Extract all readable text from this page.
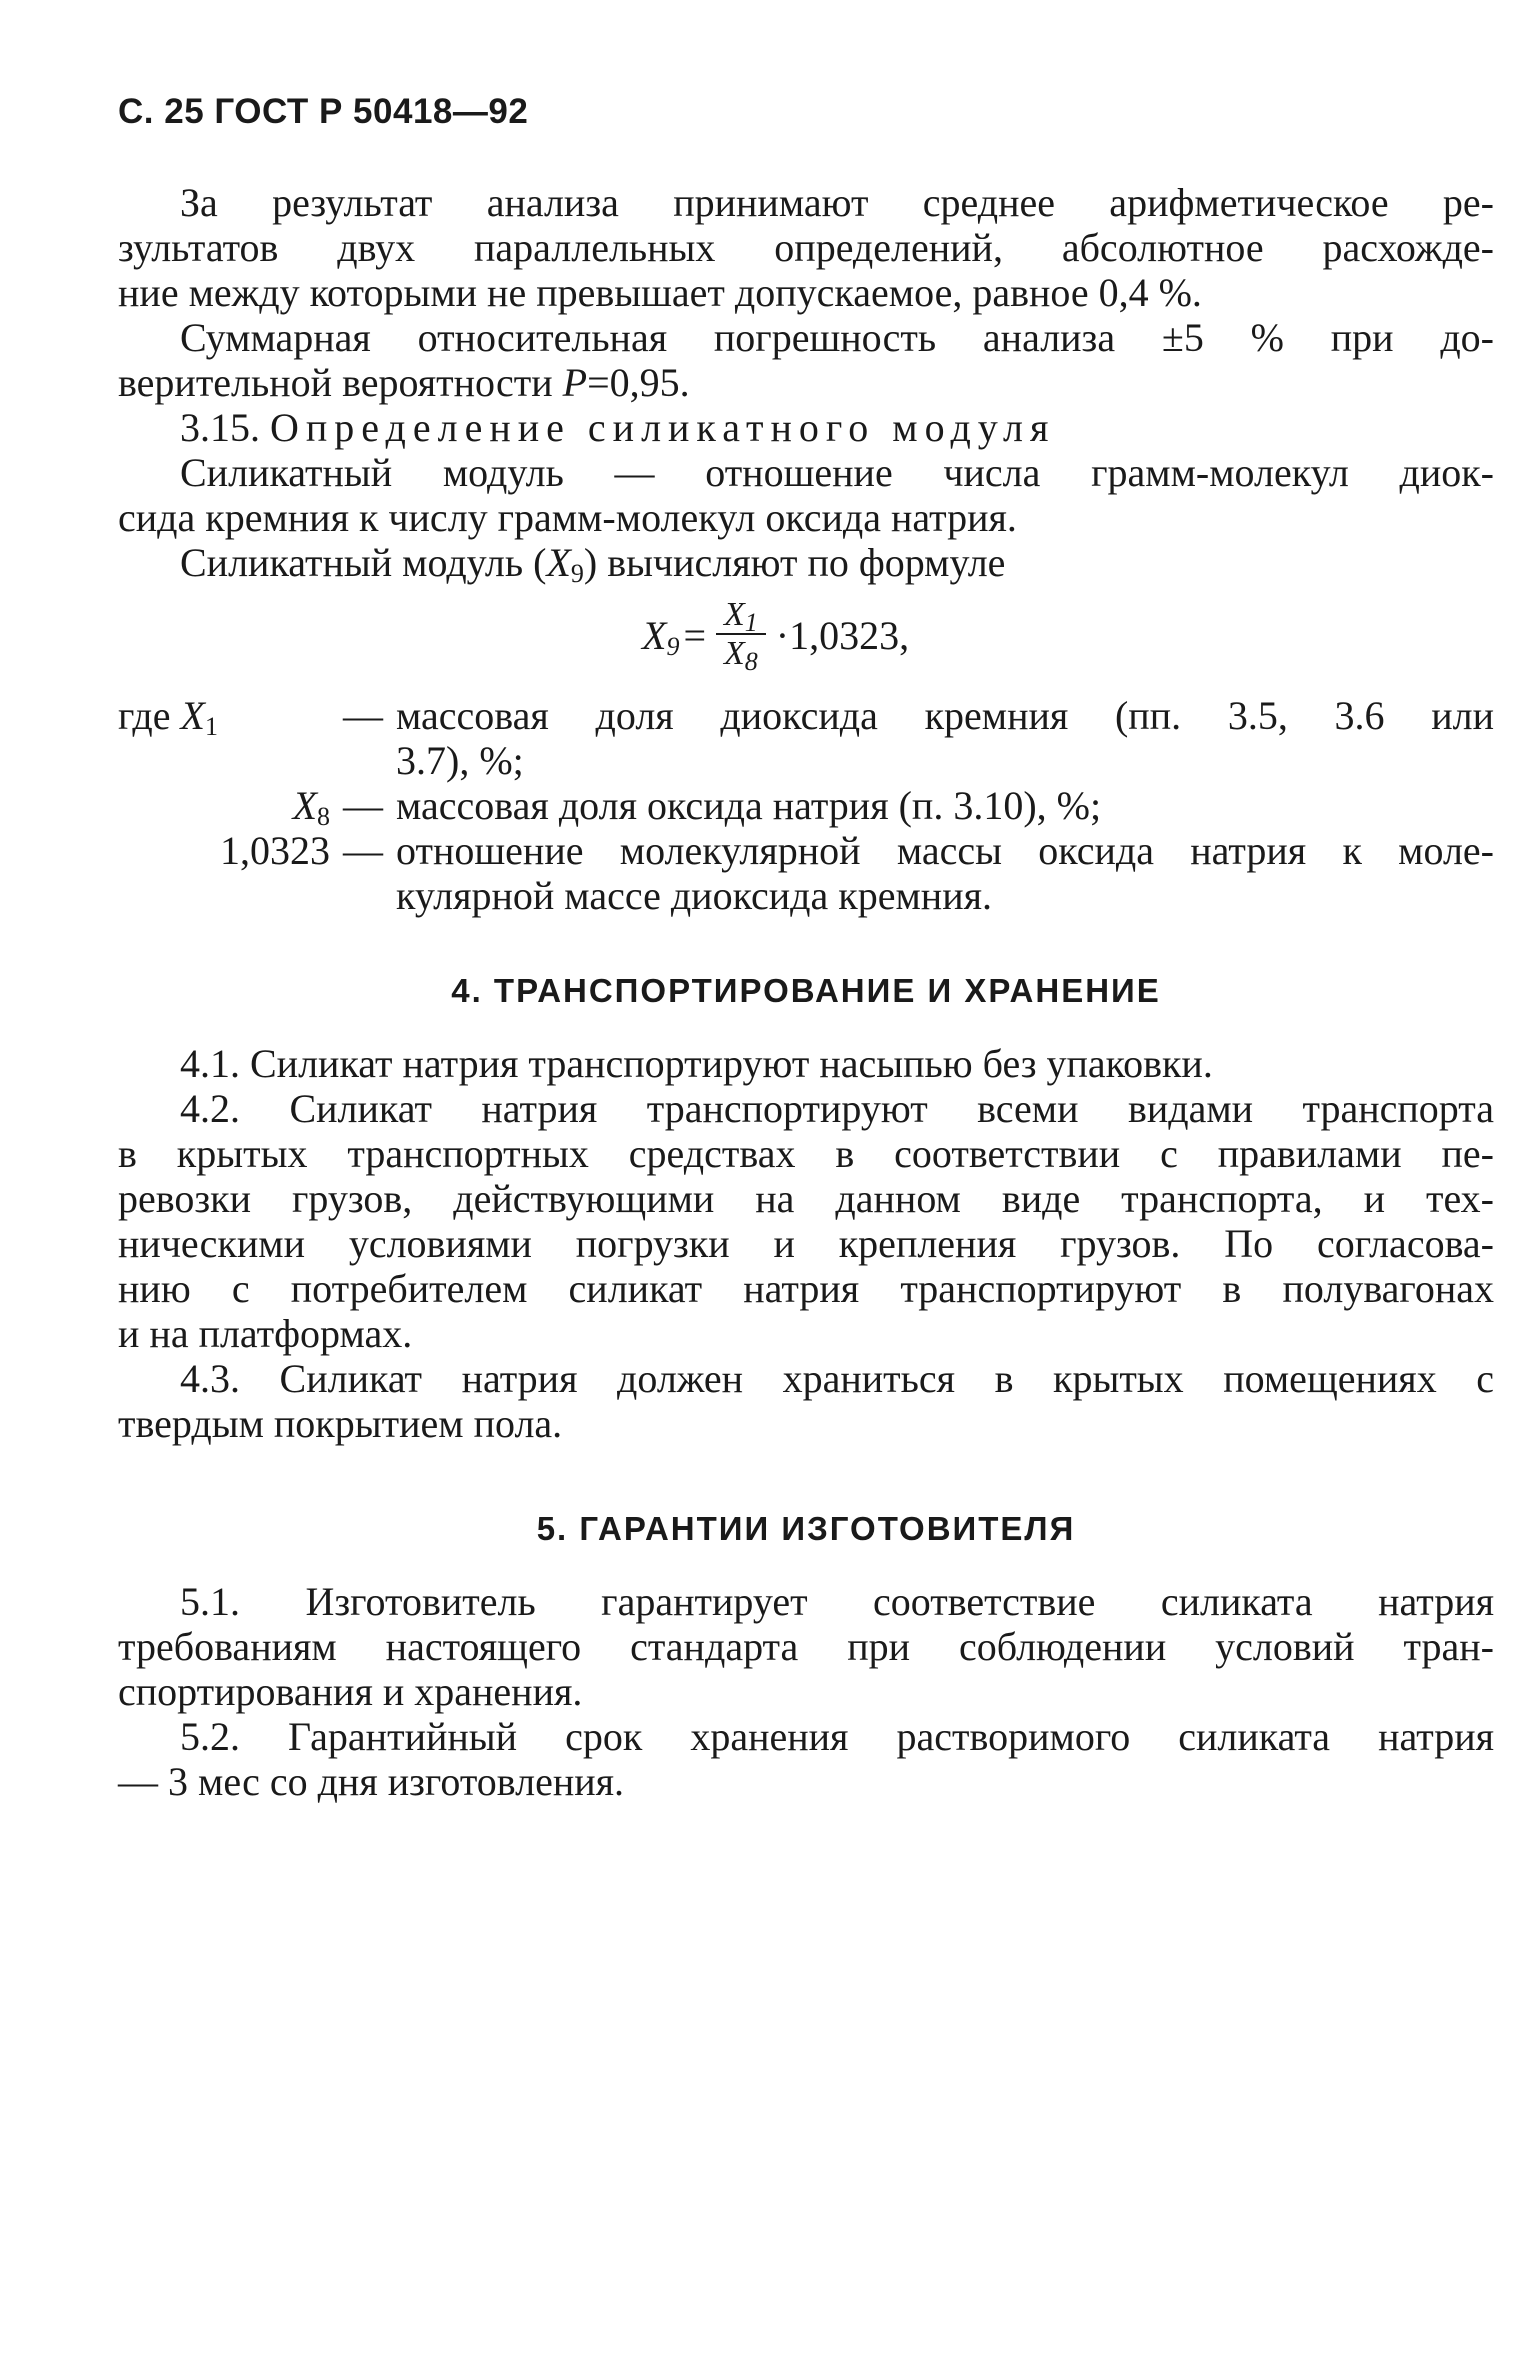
С. 25 ГОСТ Р 50418—92
За результат анализа принимают среднее арифметическое ре-
зультатов двух параллельных определений, абсолютное расхожде-
ние между которыми не превышает допускаемое, равное 0,4 %.
Суммарная относительная погрешность анализа ±5 % при до-
верительной вероятности P=0,95.
3.15. Определение силикатного модуля
Силикатный модуль — отношение числа грамм-молекул диок-
сида кремния к числу грамм-молекул оксида натрия.
Силикатный модуль $(X_9)$ вычисляют по формуле
$X_9 = \frac{X_1}{X_8} \cdot 1,0323$,
где $X_1$	— массовая доля диоксида кремния (пп. 3.5, 3.6 или
3.7), %;
$X_8$ — массовая доля оксида натрия (п. 3.10), %;
1,0323 — отношение молекулярной массы оксида натрия к моле-
кулярной массе диоксида кремния.
4. ТРАНСПОРТИРОВАНИЕ И ХРАНЕНИЕ
4.1. Силикат натрия транспортируют насыпью без упаковки.
4.2. Силикат натрия транспортируют всеми видами транспорта
в крытых транспортных средствах в соответствии с правилами пе-
ревозки грузов, действующими на данном виде транспорта, и тех-
ническими условиями погрузки и крепления грузов. По согласова-
нию с потребителем силикат натрия транспортируют в полувагонах
и на платформах.
4.3. Силикат натрия должен храниться в крытых помещениях с
твердым покрытием пола.
5. ГАРАНТИИ ИЗГОТОВИТЕЛЯ
5.1. Изготовитель гарантирует соответствие силиката натрия
требованиям настоящего стандарта при соблюдении условий тран-
спортирования и хранения.
5.2. Гарантийный срок хранения растворимого силиката натрия
— 3 мес со дня изготовления.
